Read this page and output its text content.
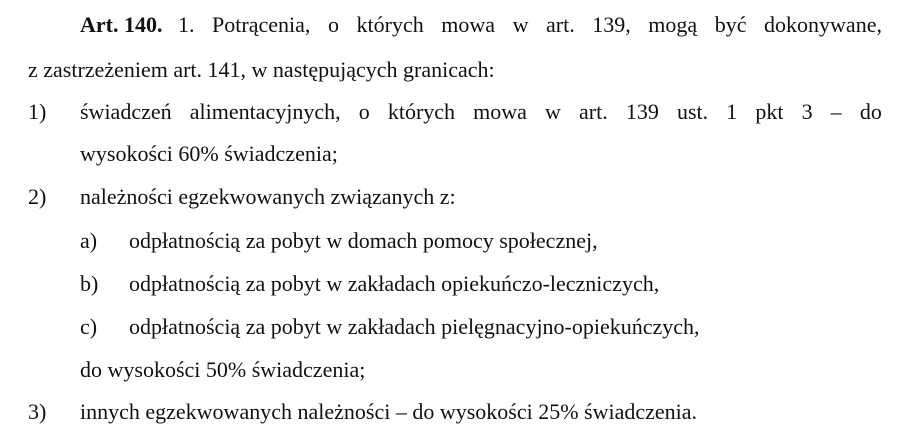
Art. 140. 1. Potrącenia, o których mowa w art. 139, mogą być dokonywane,
z zastrzeżeniem art. 141, w następujących granicach:
1) świadczeń alimentacyjnych, o których mowa w art. 139 ust. 1 pkt 3 – do
wysokości 60% świadczenia;
2) należności egzekwowanych związanych z:
a) odpłatnością za pobyt w domach pomocy społecznej,
b) odpłatnością za pobyt w zakładach opiekuńczo-leczniczych,
c) odpłatnością za pobyt w zakładach pielęgnacyjno-opiekuńczych,
do wysokości 50% świadczenia;
3) innych egzekwowanych należności – do wysokości 25% świadczenia.
